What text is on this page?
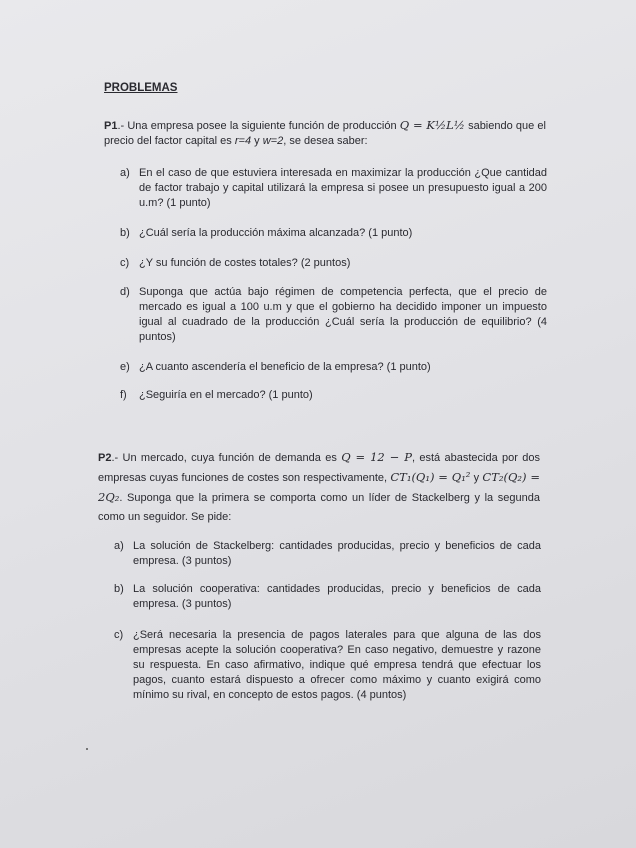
PROBLEMAS
P1.- Una empresa posee la siguiente función de producción Q = K½L½ sabiendo que el precio del factor capital es r=4 y w=2, se desea saber:
a) En el caso de que estuviera interesada en maximizar la producción ¿Que cantidad de factor trabajo y capital utilizará la empresa si posee un presupuesto igual a 200 u.m? (1 punto)
b) ¿Cuál sería la producción máxima alcanzada? (1 punto)
c) ¿Y su función de costes totales? (2 puntos)
d) Suponga que actúa bajo régimen de competencia perfecta, que el precio de mercado es igual a 100 u.m y que el gobierno ha decidido imponer un impuesto igual al cuadrado de la producción ¿Cuál sería la producción de equilibrio? (4 puntos)
e) ¿A cuanto ascendería el beneficio de la empresa? (1 punto)
f) ¿Seguiría en el mercado? (1 punto)
P2.- Un mercado, cuya función de demanda es Q = 12 − P, está abastecida por dos empresas cuyas funciones de costes son respectivamente, CT₁(Q₁) = Q₁² y CT₂(Q₂) = 2Q₂. Suponga que la primera se comporta como un líder de Stackelberg y la segunda como un seguidor. Se pide:
a) La solución de Stackelberg: cantidades producidas, precio y beneficios de cada empresa. (3 puntos)
b) La solución cooperativa: cantidades producidas, precio y beneficios de cada empresa. (3 puntos)
c) ¿Será necesaria la presencia de pagos laterales para que alguna de las dos empresas acepte la solución cooperativa? En caso negativo, demuestre y razone su respuesta. En caso afirmativo, indique qué empresa tendrá que efectuar los pagos, cuanto estará dispuesto a ofrecer como máximo y cuanto exigirá como mínimo su rival, en concepto de estos pagos. (4 puntos)
